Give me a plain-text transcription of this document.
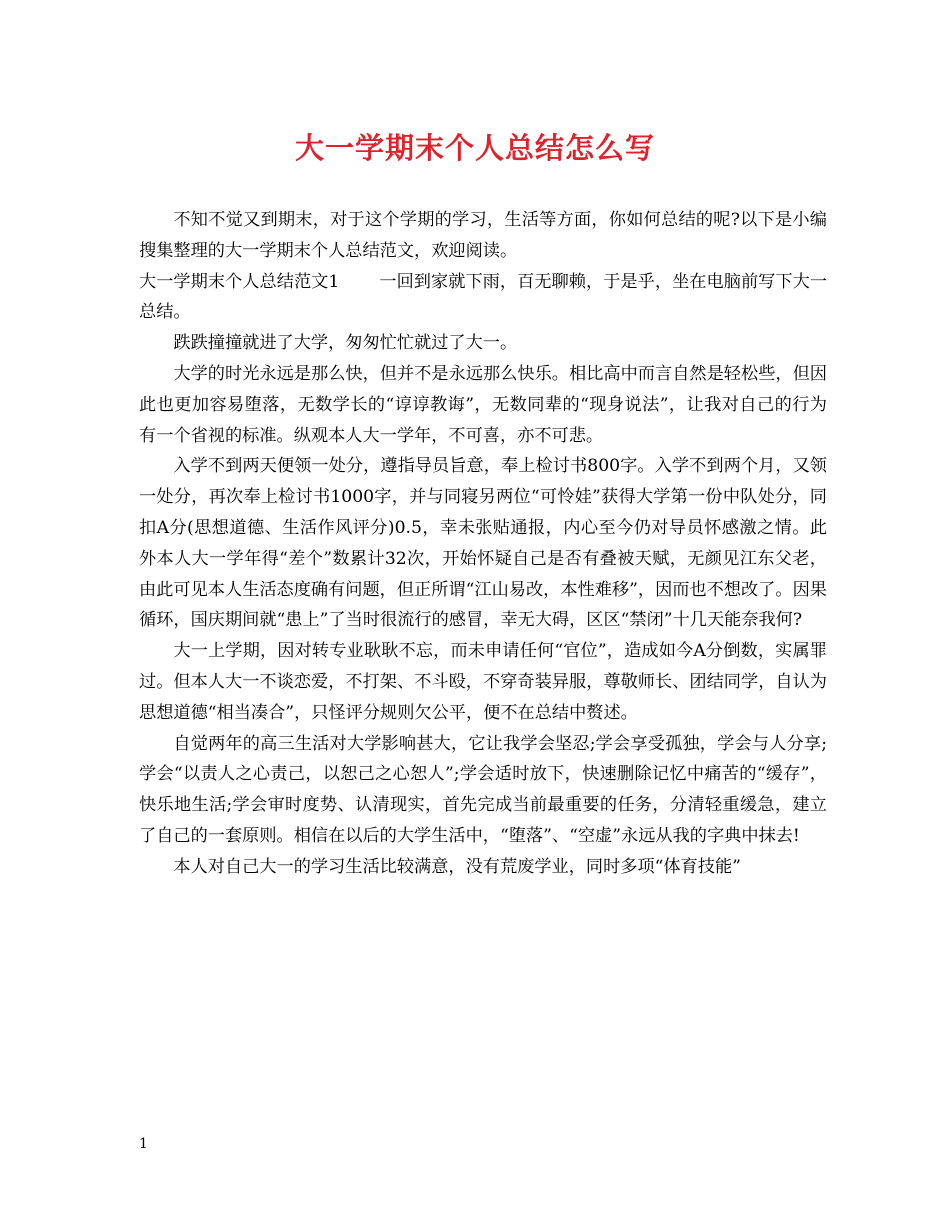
大一学期末个人总结怎么写

不知不觉又到期末，对于这个学期的学习，生活等方面，你如何总结的呢?以下是小编搜集整理的大一学期末个人总结范文，欢迎阅读。

大一学期末个人总结范文1 一回到家就下雨，百无聊赖，于是乎，坐在电脑前写下大一总结。

跌跌撞撞就进了大学，匆匆忙忙就过了大一。

大学的时光永远是那么快，但并不是永远那么快乐。相比高中而言自然是轻松些，但因此也更加容易堕落，无数学长的“谆谆教诲”，无数同辈的“现身说法”，让我对自己的行为有一个省视的标准。纵观本人大一学年，不可喜，亦不可悲。

入学不到两天便领一处分，遵指导员旨意，奉上检讨书800字。入学不到两个月，又领一处分，再次奉上检讨书1000字，并与同寝另两位“可怜娃”获得大学第一份中队处分，同扣A分(思想道德、生活作风评分)0.5，幸未张贴通报，内心至今仍对导员怀感激之情。此外本人大一学年得“差个”数累计32次，开始怀疑自己是否有叠被天赋，无颜见江东父老，由此可见本人生活态度确有问题，但正所谓“江山易改，本性难移”，因而也不想改了。因果循环，国庆期间就“患上”了当时很流行的感冒，幸无大碍，区区“禁闭”十几天能奈我何?

大一上学期，因对转专业耿耿不忘，而未申请任何“官位”，造成如今A分倒数，实属罪过。但本人大一不谈恋爱，不打架、不斗殴，不穿奇装异服，尊敬师长、团结同学，自认为思想道德“相当凑合”，只怪评分规则欠公平，便不在总结中赘述。

自觉两年的高三生活对大学影响甚大，它让我学会坚忍;学会享受孤独，学会与人分享;学会“以责人之心责己，以恕己之心恕人”;学会适时放下，快速删除记忆中痛苦的“缓存”，快乐地生活;学会审时度势、认清现实，首先完成当前最重要的任务，分清轻重缓急，建立了自己的一套原则。相信在以后的大学生活中，“堕落”、“空虚”永远从我的字典中抹去!

本人对自己大一的学习生活比较满意，没有荒废学业，同时多项“体育技能”

1
